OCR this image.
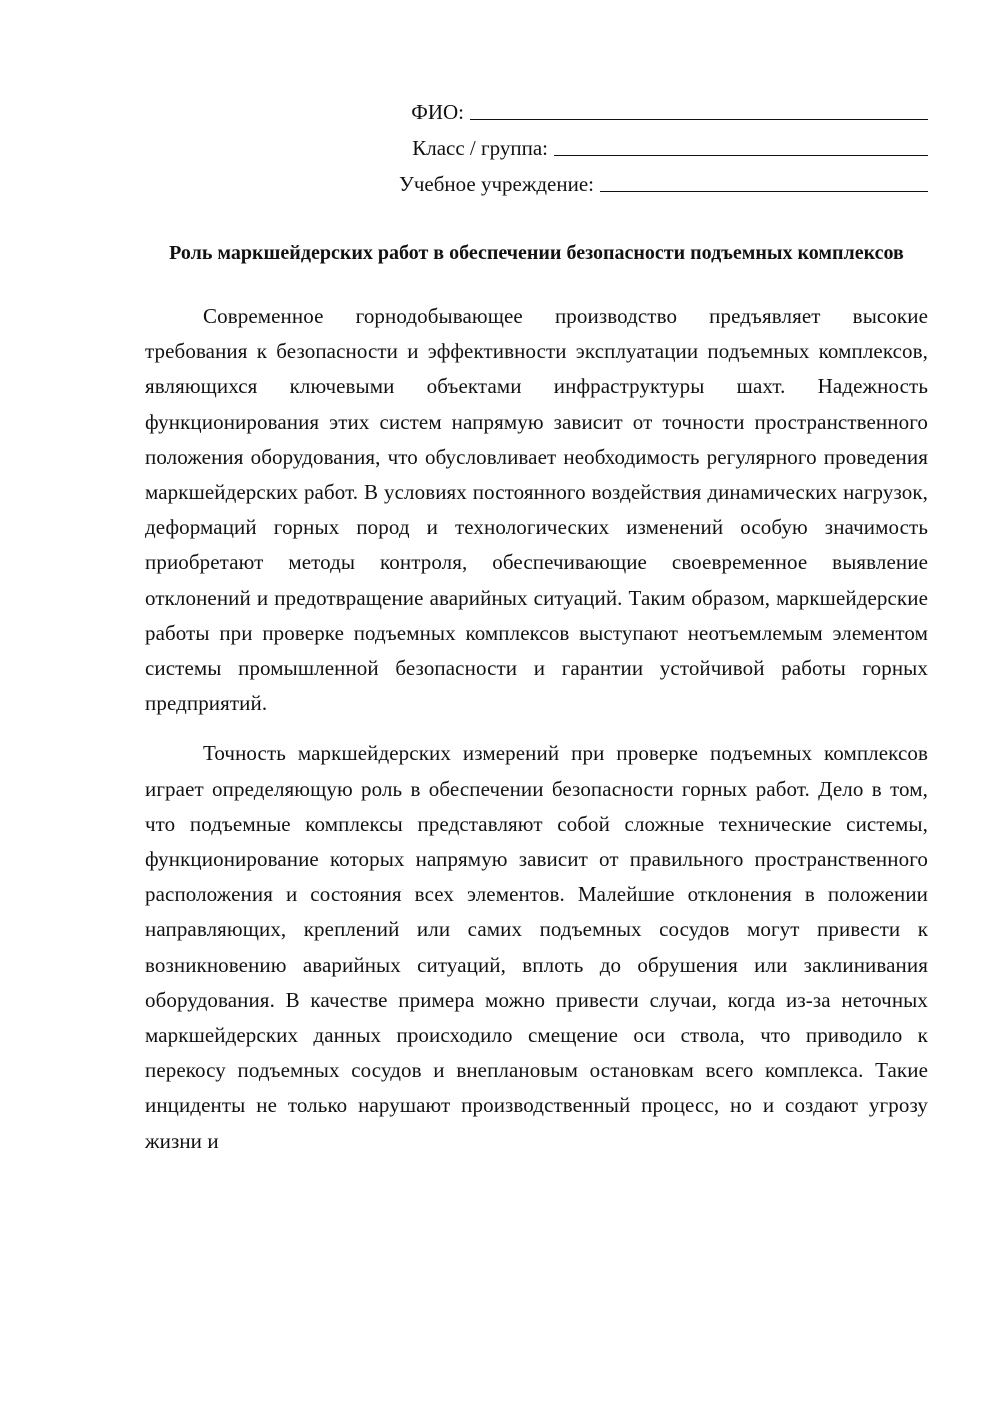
ФИО:
Класс / группа:
Учебное учреждение:
Роль маркшейдерских работ в обеспечении безопасности подъемных комплексов

Современное горнодобывающее производство предъявляет высокие требования к безопасности и эффективности эксплуатации подъемных комплексов, являющихся ключевыми объектами инфраструктуры шахт. Надежность функционирования этих систем напрямую зависит от точности пространственного положения оборудования, что обусловливает необходимость регулярного проведения маркшейдерских работ. В условиях постоянного воздействия динамических нагрузок, деформаций горных пород и технологических изменений особую значимость приобретают методы контроля, обеспечивающие своевременное выявление отклонений и предотвращение аварийных ситуаций. Таким образом, маркшейдерские работы при проверке подъемных комплексов выступают неотъемлемым элементом системы промышленной безопасности и гарантии устойчивой работы горных предприятий.

Точность маркшейдерских измерений при проверке подъемных комплексов играет определяющую роль в обеспечении безопасности горных работ. Дело в том, что подъемные комплексы представляют собой сложные технические системы, функционирование которых напрямую зависит от правильного пространственного расположения и состояния всех элементов. Малейшие отклонения в положении направляющих, креплений или самих подъемных сосудов могут привести к возникновению аварийных ситуаций, вплоть до обрушения или заклинивания оборудования. В качестве примера можно привести случаи, когда из-за неточных маркшейдерских данных происходило смещение оси ствола, что приводило к перекосу подъемных сосудов и внеплановым остановкам всего комплекса. Такие инциденты не только нарушают производственный процесс, но и создают угрозу жизни и
